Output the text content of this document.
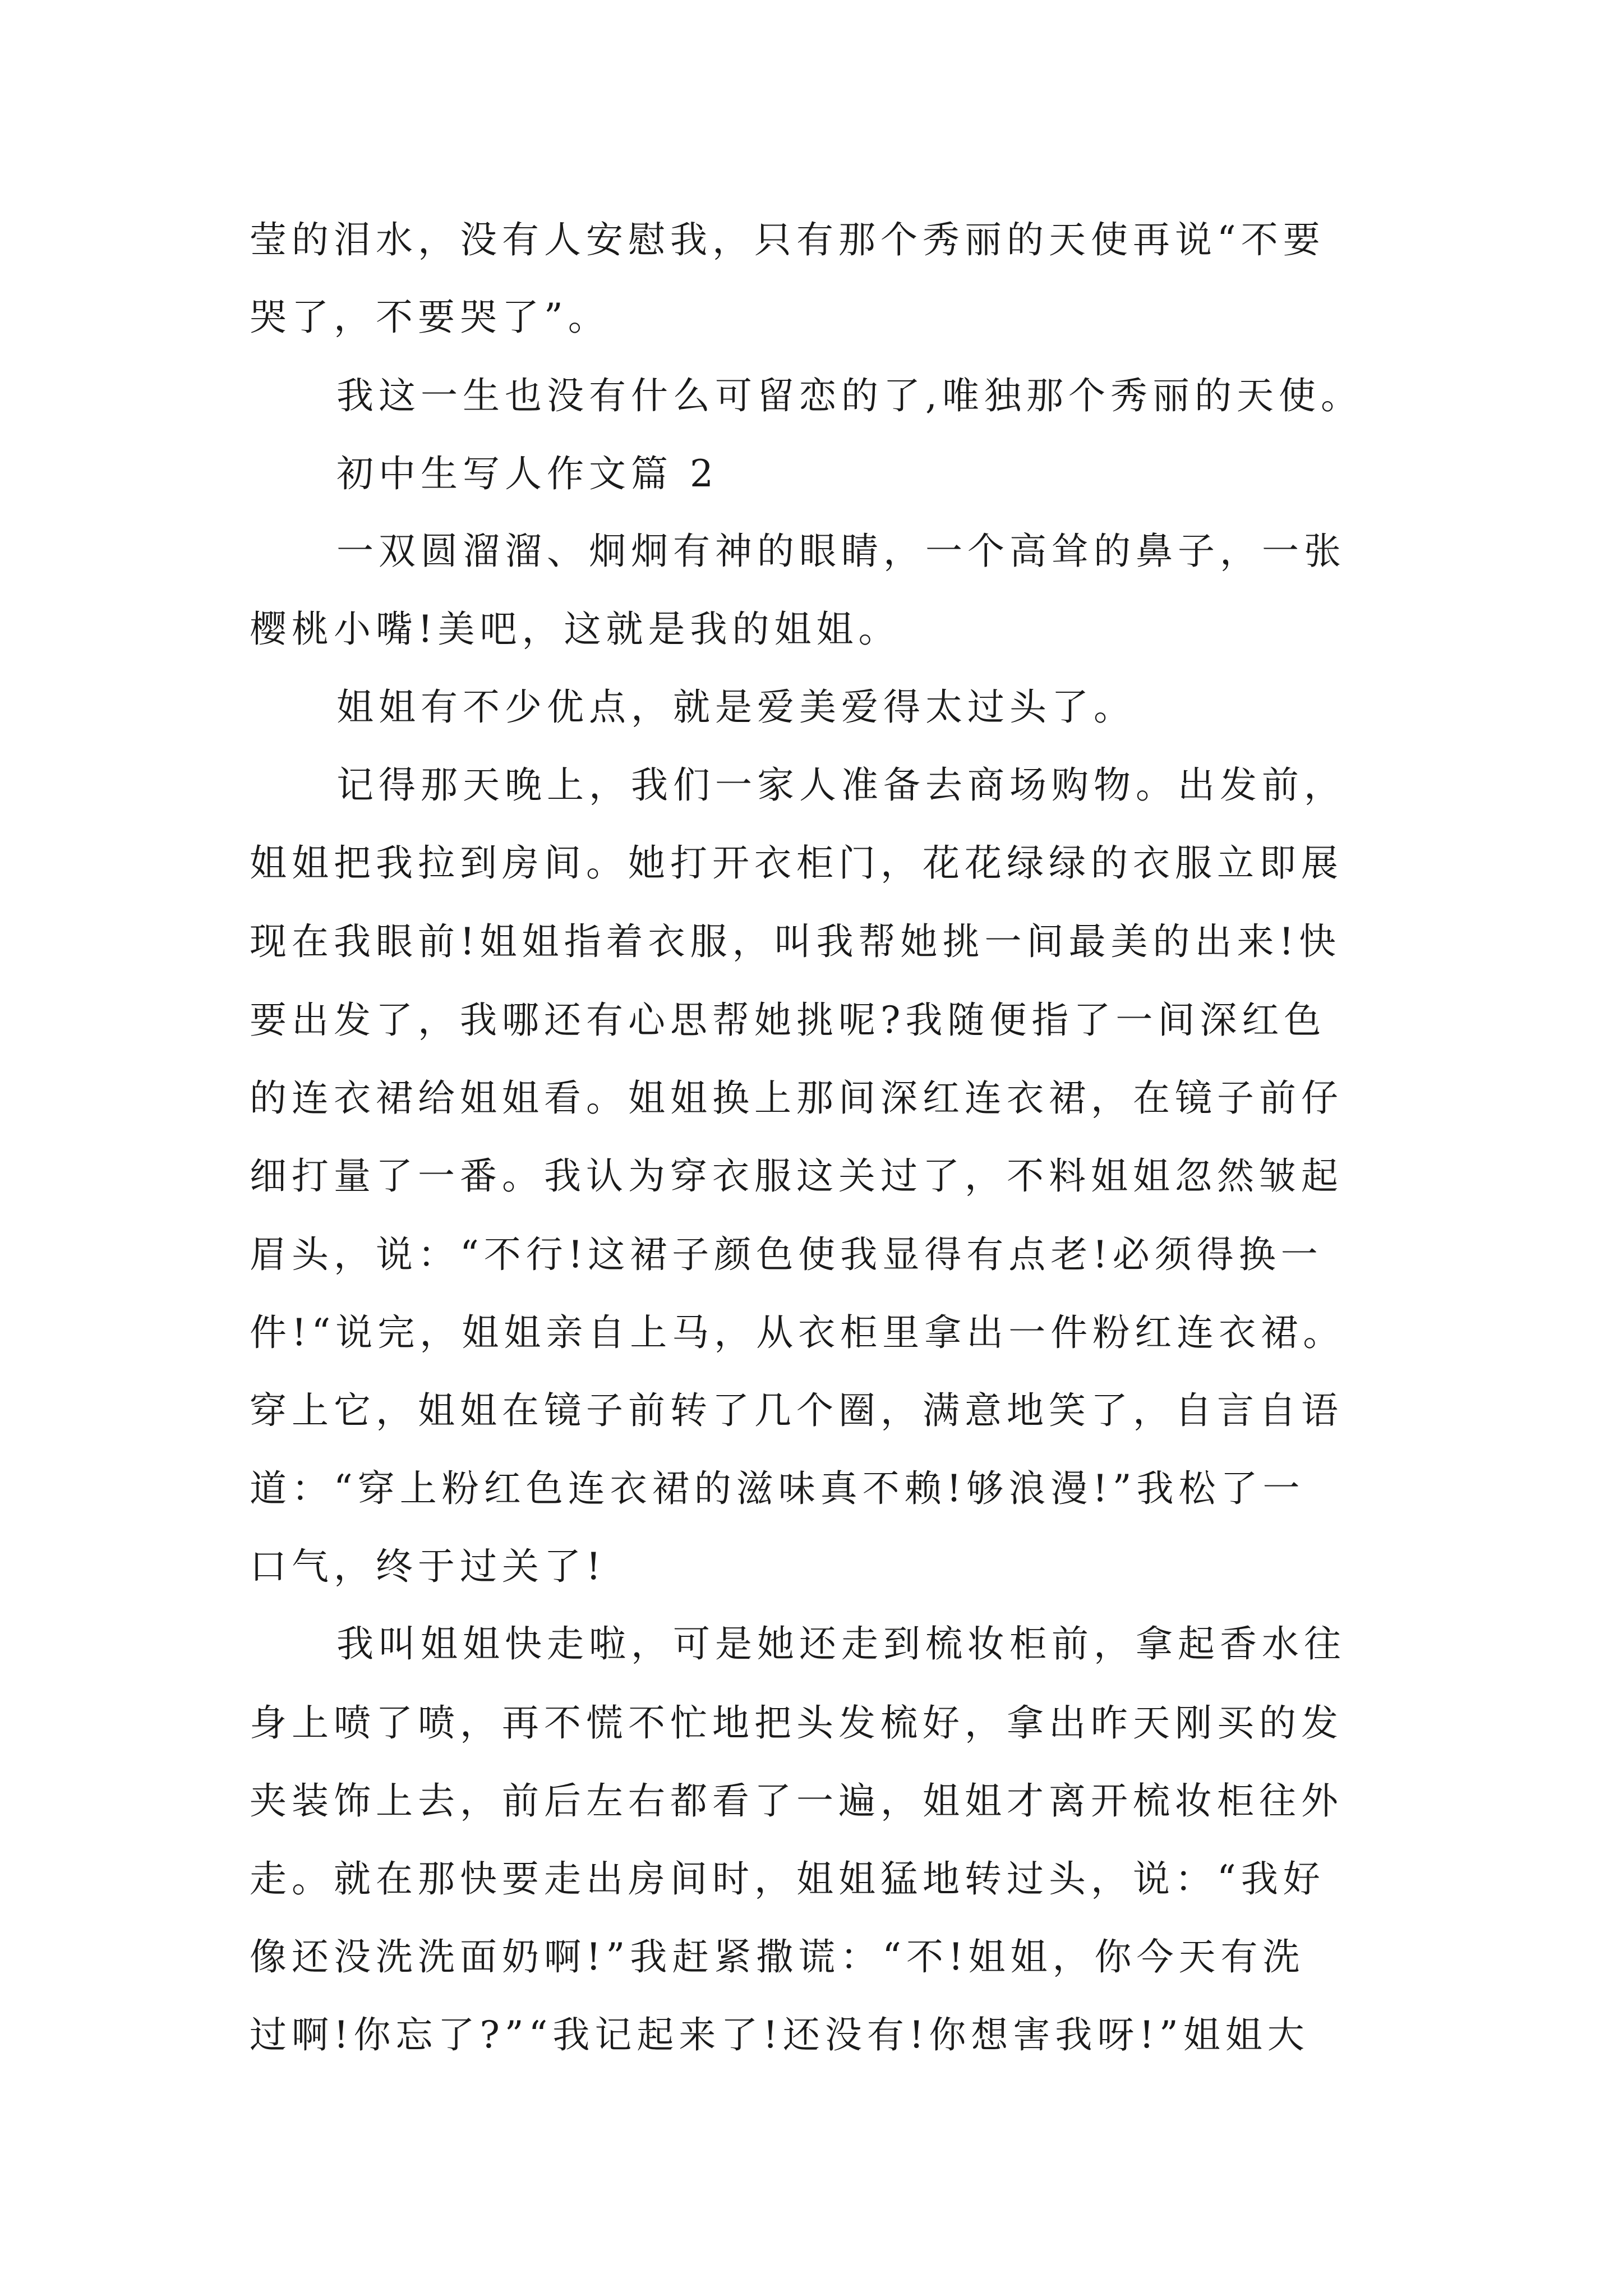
莹的泪水，没有人安慰我，只有那个秀丽的天使再说“不要
哭了，不要哭了”。
我这一生也没有什么可留恋的了,唯独那个秀丽的天使。
初中生写人作文篇 2
一双圆溜溜、炯炯有神的眼睛，一个高耸的鼻子，一张
樱桃小嘴!美吧，这就是我的姐姐。
姐姐有不少优点，就是爱美爱得太过头了。
记得那天晚上，我们一家人准备去商场购物。出发前，
姐姐把我拉到房间。她打开衣柜门，花花绿绿的衣服立即展
现在我眼前!姐姐指着衣服，叫我帮她挑一间最美的出来!快
要出发了，我哪还有心思帮她挑呢?我随便指了一间深红色
的连衣裙给姐姐看。姐姐换上那间深红连衣裙，在镜子前仔
细打量了一番。我认为穿衣服这关过了，不料姐姐忽然皱起
眉头，说：“不行!这裙子颜色使我显得有点老!必须得换一
件!“说完，姐姐亲自上马，从衣柜里拿出一件粉红连衣裙。
穿上它，姐姐在镜子前转了几个圈，满意地笑了，自言自语
道：“穿上粉红色连衣裙的滋味真不赖!够浪漫!”我松了一
口气，终于过关了!
我叫姐姐快走啦，可是她还走到梳妆柜前，拿起香水往
身上喷了喷，再不慌不忙地把头发梳好，拿出昨天刚买的发
夹装饰上去，前后左右都看了一遍，姐姐才离开梳妆柜往外
走。就在那快要走出房间时，姐姐猛地转过头，说：“我好
像还没洗洗面奶啊!”我赶紧撒谎：“不!姐姐，你今天有洗
过啊!你忘了?”“我记起来了!还没有!你想害我呀!”姐姐大
